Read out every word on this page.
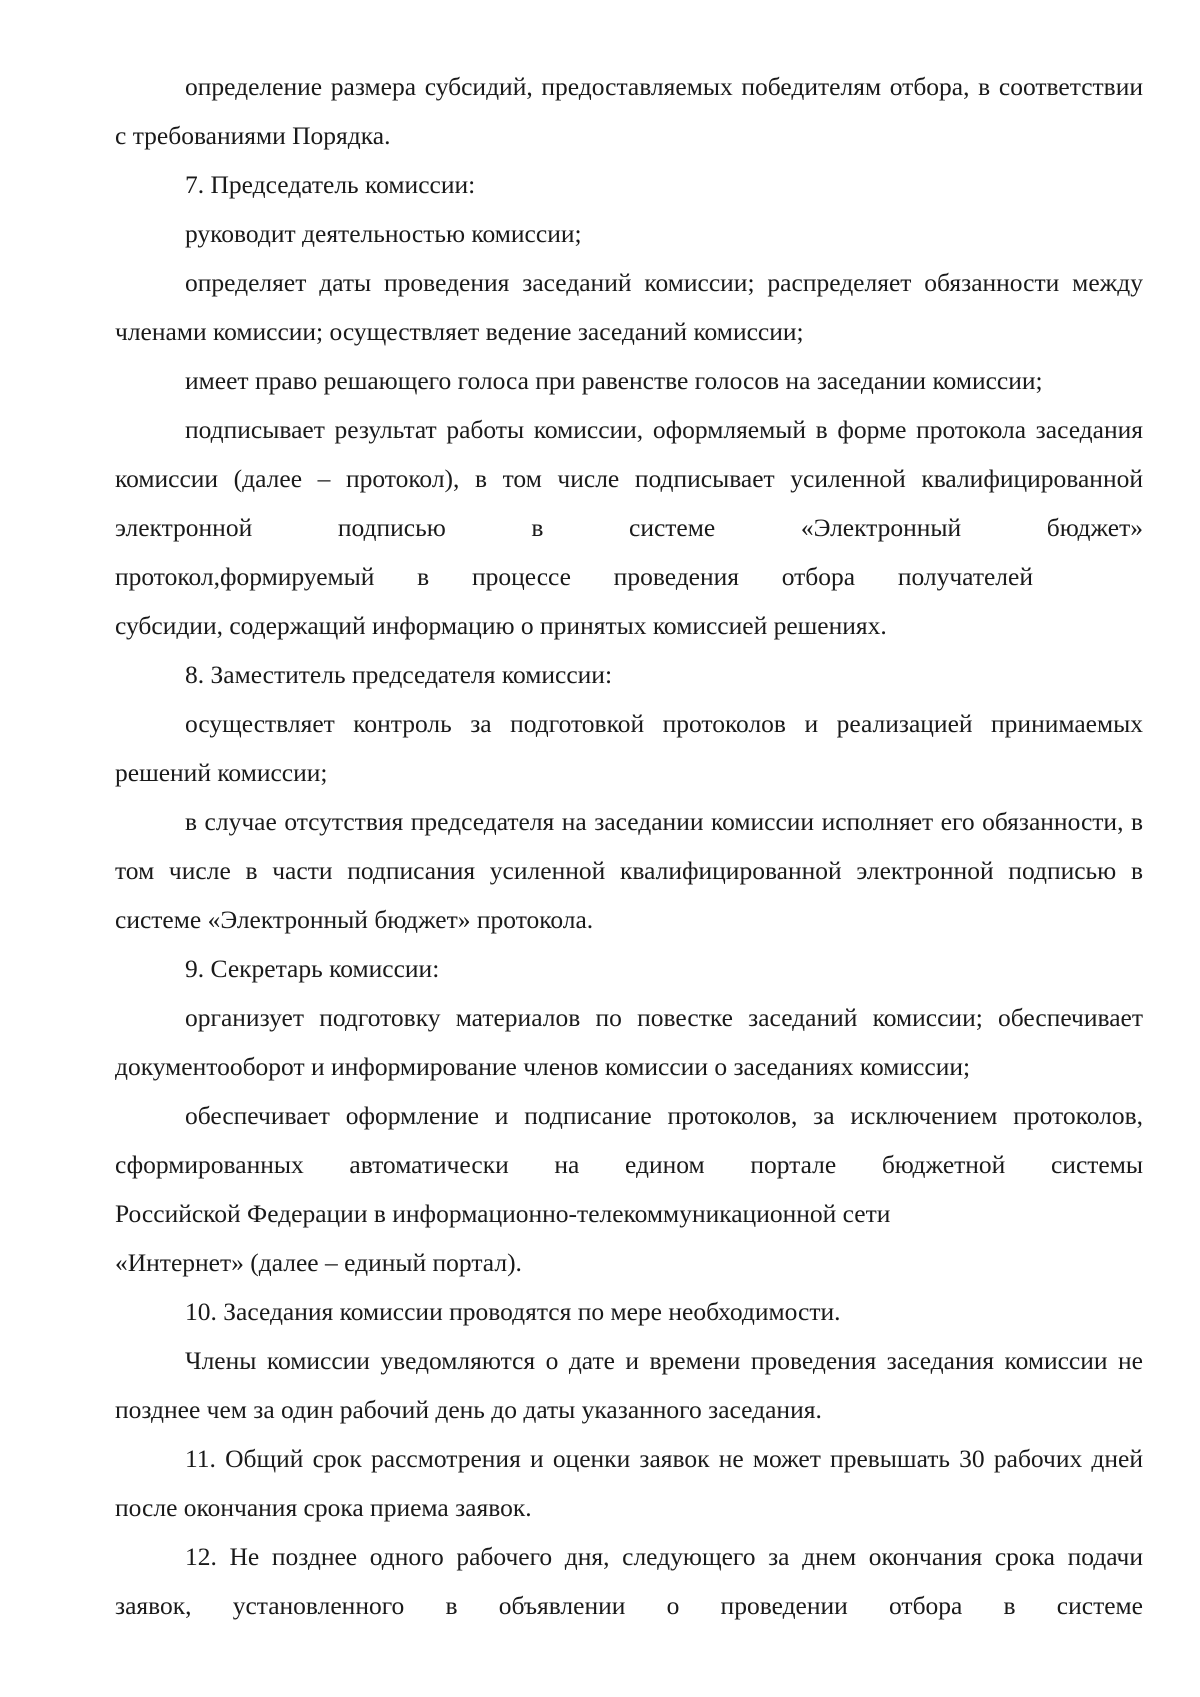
определение размера субсидий, предоставляемых победителям отбора, в соответствии с требованиями Порядка.

7. Председатель комиссии:

руководит деятельностью комиссии;

определяет даты проведения заседаний комиссии; распределяет обязанности между членами комиссии; осуществляет ведение заседаний комиссии;

имеет право решающего голоса при равенстве голосов на заседании комиссии;

подписывает результат работы комиссии, оформляемый в форме протокола заседания комиссии (далее – протокол), в том числе подписывает усиленной квалифицированной электронной подписью в системе «Электронный бюджет»

протокол,формируемый в процессе проведения отбора получателей

субсидии, содержащий информацию о принятых комиссией решениях.

8. Заместитель председателя комиссии:

осуществляет контроль за подготовкой протоколов и реализацией принимаемых решений комиссии;

в случае отсутствия председателя на заседании комиссии исполняет его обязанности, в том числе в части подписания усиленной квалифицированной электронной подписью в системе «Электронный бюджет» протокола.

9. Секретарь комиссии:

организует подготовку материалов по повестке заседаний комиссии; обеспечивает документооборот и информирование членов комиссии о заседаниях комиссии;

обеспечивает оформление и подписание протоколов, за исключением протоколов, сформированных автоматически на едином портале бюджетной системы

Российской Федерации в информационно-телекоммуникационной сети

«Интернет» (далее – единый портал).

10. Заседания комиссии проводятся по мере необходимости.

Члены комиссии уведомляются о дате и времени проведения заседания комиссии не позднее чем за один рабочий день до даты указанного заседания.

11. Общий срок рассмотрения и оценки заявок не может превышать 30 рабочих дней после окончания срока приема заявок.

12. Не позднее одного рабочего дня, следующего за днем окончания срока подачи заявок, установленного в объявлении о проведении отбора в системе
